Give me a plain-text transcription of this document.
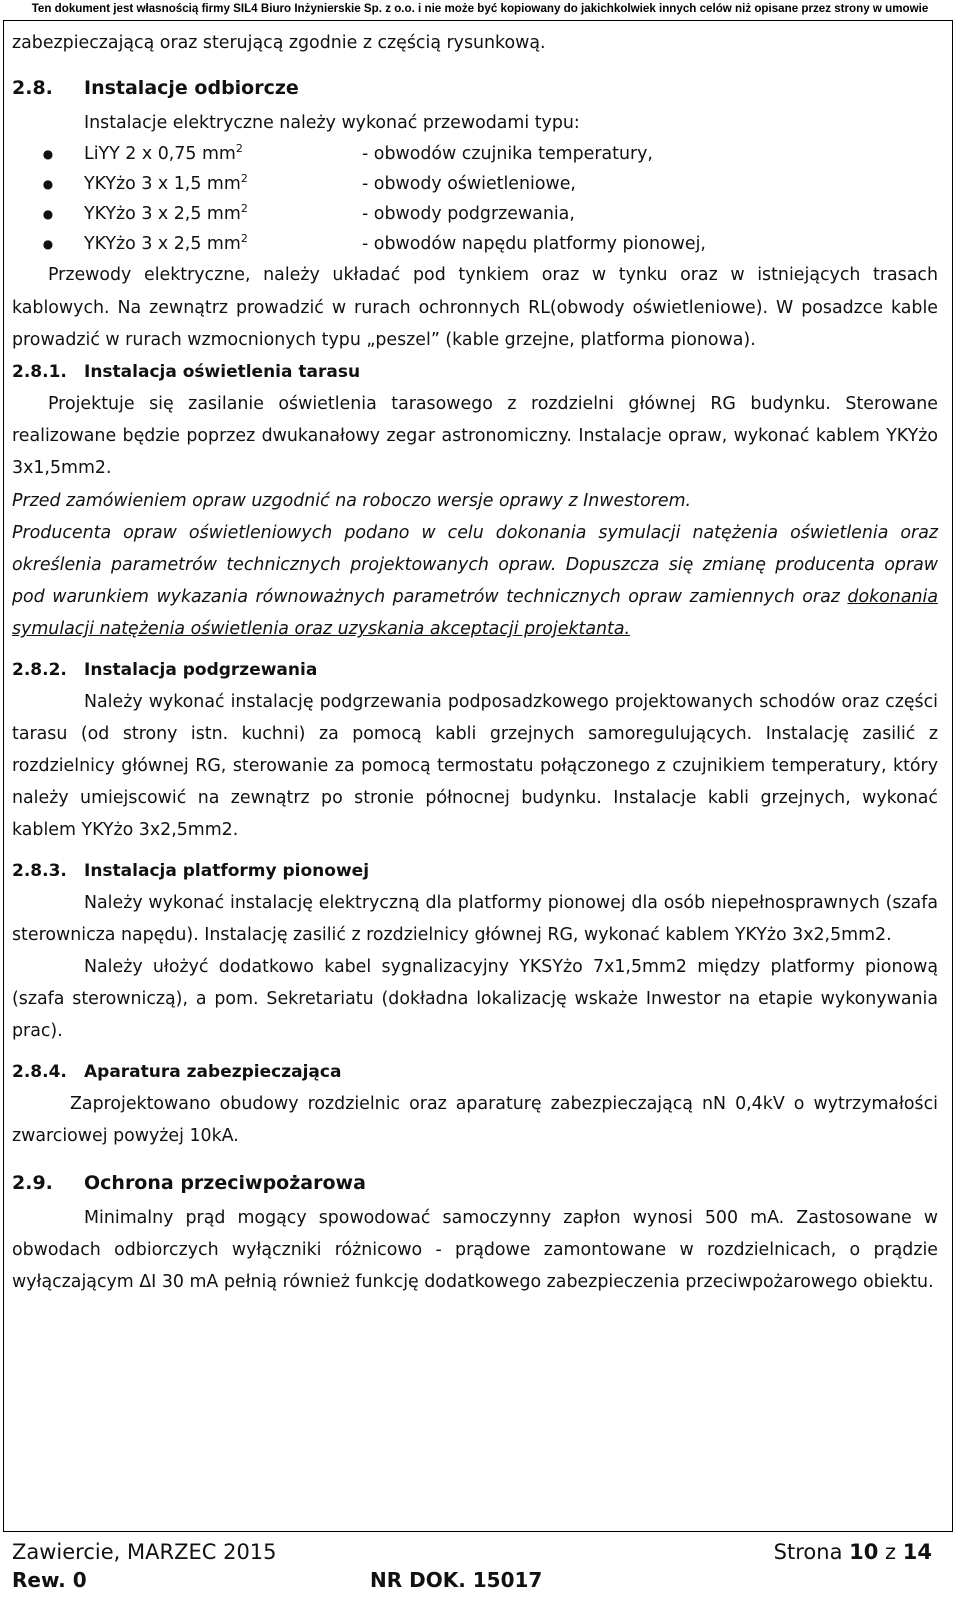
Ten dokument jest własnością firmy SIL4 Biuro Inżynierskie Sp. z o.o. i nie może być kopiowany do jakichkolwiek innych celów niż opisane przez strony w umowie

zabezpieczającą oraz sterującą zgodnie z częścią rysunkową.

2.8.	Instalacje odbiorcze

Instalacje elektryczne należy wykonać przewodami typu:

●	LiYY 2 x 0,75 $mm^2$	- obwodów czujnika temperatury,
●	YKYżo 3 x 1,5 $mm^2$	- obwody oświetleniowe,
●	YKYżo 3 x 2,5 $mm^2$	- obwody podgrzewania,
●	YKYżo 3 x 2,5 $mm^2$	- obwodów napędu platformy pionowej,

Przewody elektryczne, należy układać pod tynkiem oraz w tynku oraz w istniejących trasach kablowych. Na zewnątrz prowadzić w rurach ochronnych RL(obwody oświetleniowe). W posadzce kable prowadzić w rurach wzmocnionych typu „peszel” (kable grzejne, platforma pionowa).

2.8.1.	Instalacja oświetlenia tarasu

Projektuje się zasilanie oświetlenia tarasowego z rozdzielni głównej RG budynku. Sterowane realizowane będzie poprzez dwukanałowy zegar astronomiczny. Instalacje opraw, wykonać kablem YKYżo 3x1,5mm2.

Przed zamówieniem opraw uzgodnić na roboczo wersje oprawy z Inwestorem.

Producenta opraw oświetleniowych podano w celu dokonania symulacji natężenia oświetlenia oraz określenia parametrów technicznych projektowanych opraw. Dopuszcza się zmianę producenta opraw pod warunkiem wykazania równoważnych parametrów technicznych opraw zamiennych oraz dokonania symulacji natężenia oświetlenia oraz uzyskania akceptacji projektanta.

2.8.2.	Instalacja podgrzewania

Należy wykonać instalację podgrzewania podposadzkowego projektowanych schodów oraz części tarasu (od strony istn. kuchni) za pomocą kabli grzejnych samoregulujących. Instalację zasilić z rozdzielnicy głównej RG, sterowanie za pomocą termostatu połączonego z czujnikiem temperatury, który należy umiejscowić na zewnątrz po stronie północnej budynku. Instalacje kabli grzejnych, wykonać kablem YKYżo 3x2,5mm2.

2.8.3.	Instalacja platformy pionowej

Należy wykonać instalację elektryczną dla platformy pionowej dla osób niepełnosprawnych (szafa sterownicza napędu). Instalację zasilić z rozdzielnicy głównej RG, wykonać kablem YKYżo 3x2,5mm2.

Należy ułożyć dodatkowo kabel sygnalizacyjny YKSYżo 7x1,5mm2 między platformy pionową (szafa sterowniczą), a pom. Sekretariatu (dokładna lokalizację wskaże Inwestor na etapie wykonywania prac).

2.8.4.	Aparatura zabezpieczająca

Zaprojektowano obudowy rozdzielnic oraz aparaturę zabezpieczającą nN 0,4kV o wytrzymałości zwarciowej powyżej 10kA.

2.9.	Ochrona przeciwpożarowa

Minimalny prąd mogący spowodować samoczynny zapłon wynosi 500 mA. Zastosowane w obwodach odbiorczych wyłączniki różnicowo - prądowe zamontowane w rozdzielnicach, o prądzie wyłączającym ΔI 30 mA pełnią również funkcję dodatkowego zabezpieczenia przeciwpożarowego obiektu.

Zawiercie, MARZEC 2015	Strona 10 z 14
Rew. 0	NR DOK. 15017
